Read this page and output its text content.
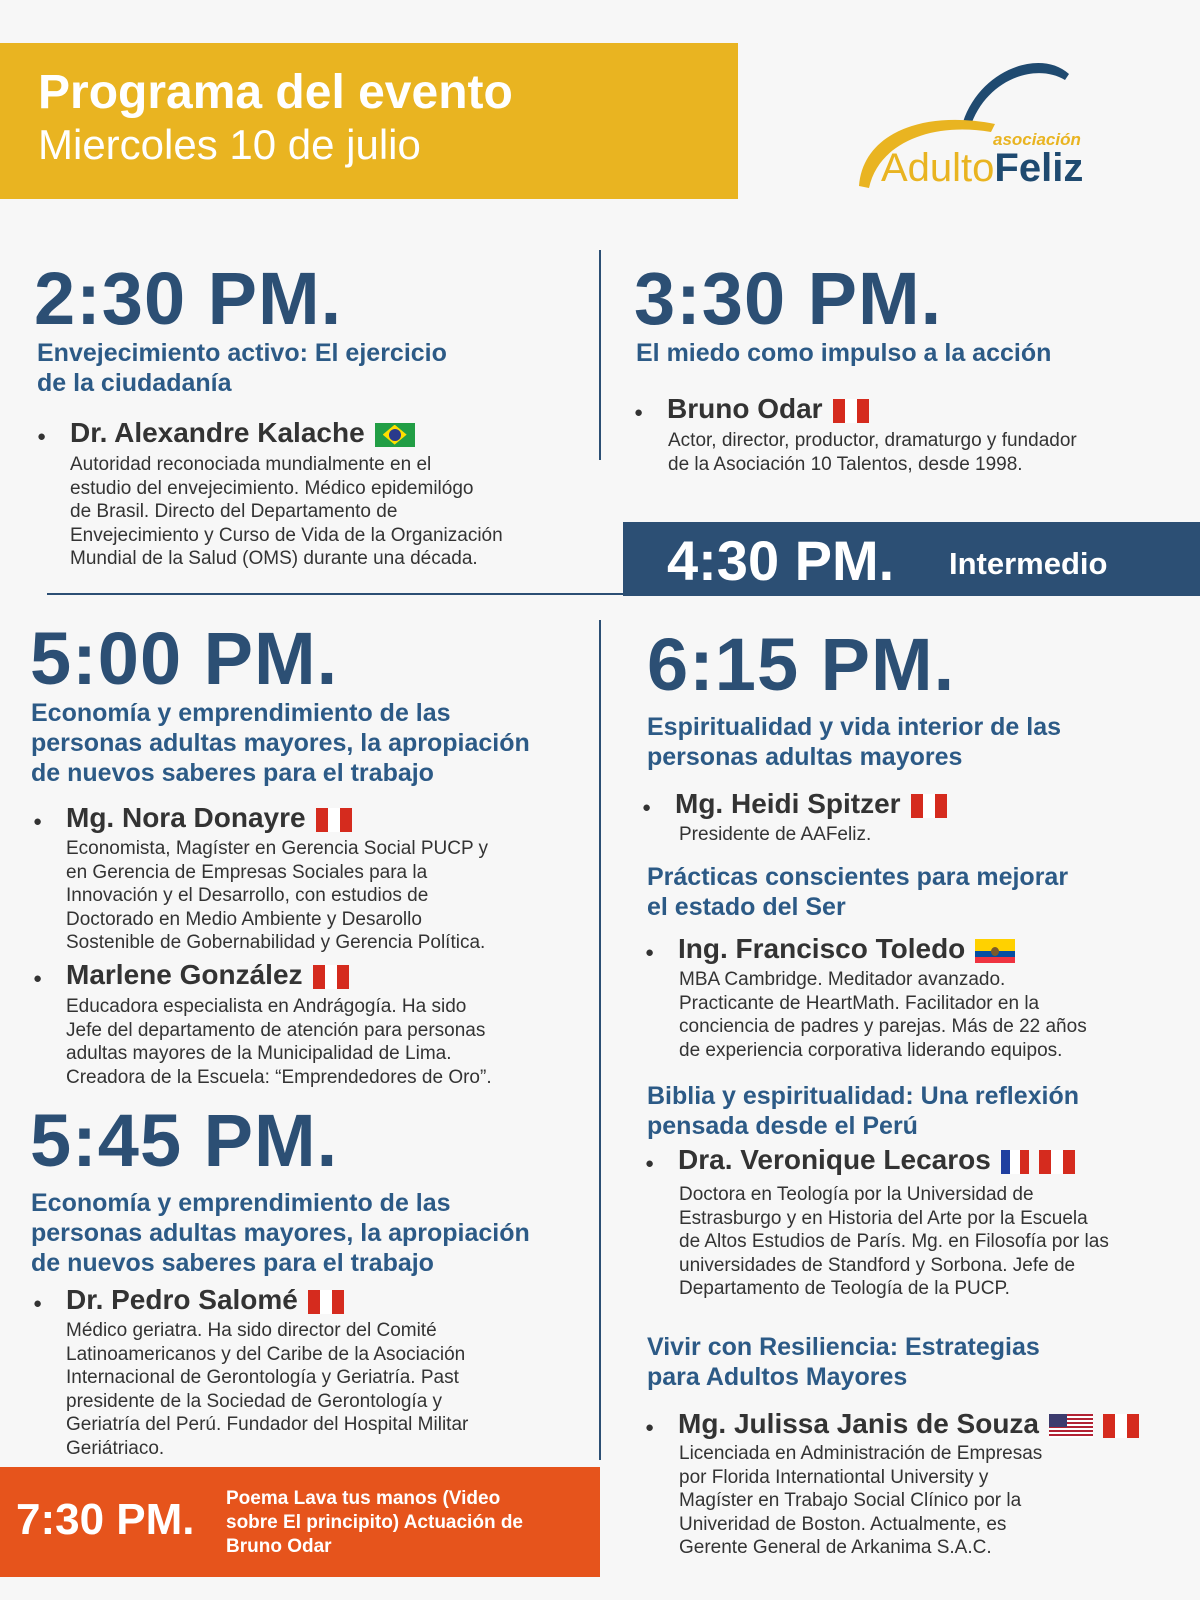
Programa del evento
Miercoles 10 de julio	asociación
AdultoFeliz
2:30 PM.
Envejecimiento activo: El ejercicio
de la ciudadanía
● Dr. Alexandre Kalache
Autoridad reconociada mundialmente en el
estudio del envejecimiento. Médico epidemilógo
de Brasil. Directo del Departamento de
Envejecimiento y Curso de Vida de la Organización
Mundial de la Salud (OMS) durante una década.
3:30 PM.
El miedo como impulso a la acción
● Bruno Odar
Actor, director, productor, dramaturgo y fundador
de la Asociación 10 Talentos, desde 1998.
4:30 PM. Intermedio
5:00 PM.
Economía y emprendimiento de las
personas adultas mayores, la apropiación
de nuevos saberes para el trabajo
● Mg. Nora Donayre
Economista, Magíster en Gerencia Social PUCP y
en Gerencia de Empresas Sociales para la
Innovación y el Desarrollo, con estudios de
Doctorado en Medio Ambiente y Desarollo
Sostenible de Gobernabilidad y Gerencia Política.
● Marlene González
Educadora especialista en Andrágogía. Ha sido
Jefe del departamento de atención para personas
adultas mayores de la Municipalidad de Lima.
Creadora de la Escuela: “Emprendedores de Oro”.
5:45 PM.
Economía y emprendimiento de las
personas adultas mayores, la apropiación
de nuevos saberes para el trabajo
● Dr. Pedro Salomé
Médico geriatra. Ha sido director del Comité
Latinoamericanos y del Caribe de la Asociación
Internacional de Gerontología y Geriatría. Past
presidente de la Sociedad de Gerontología y
Geriatría del Perú. Fundador del Hospital Militar
Geriátriaco.
7:30 PM. Poema Lava tus manos (Video
sobre El principito) Actuación de
Bruno Odar
6:15 PM.
Espiritualidad y vida interior de las
personas adultas mayores
● Mg. Heidi Spitzer
Presidente de AAFeliz.
Prácticas conscientes para mejorar
el estado del Ser
● Ing. Francisco Toledo
MBA Cambridge. Meditador avanzado.
Practicante de HeartMath. Facilitador en la
conciencia de padres y parejas. Más de 22 años
de experiencia corporativa liderando equipos.
Biblia y espiritualidad: Una reflexión
pensada desde el Perú
● Dra. Veronique Lecaros
Doctora en Teología por la Universidad de
Estrasburgo y en Historia del Arte por la Escuela
de Altos Estudios de París. Mg. en Filosofía por las
universidades de Standford y Sorbona. Jefe de
Departamento de Teología de la PUCP.
Vivir con Resiliencia: Estrategias
para Adultos Mayores
● Mg. Julissa Janis de Souza
Licenciada en Administración de Empresas
por Florida Internationtal University y
Magíster en Trabajo Social Clínico por la
Univeridad de Boston. Actualmente, es
Gerente General de Arkanima S.A.C.
